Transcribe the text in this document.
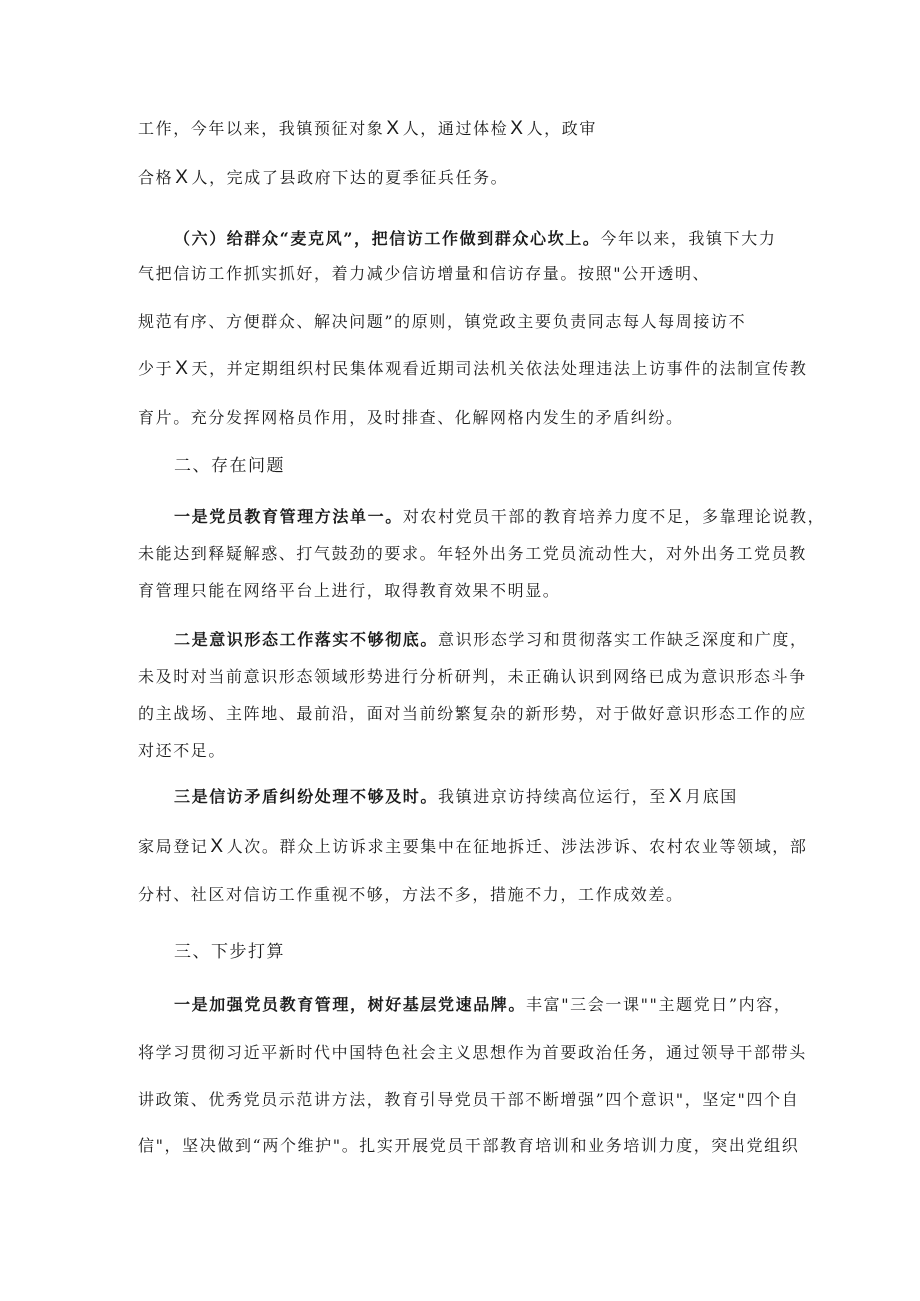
工作，今年以来，我镇预征对象 X 人，通过体检 X 人，政审
合格 X 人，完成了县政府下达的夏季征兵任务。
（六）给群众“麦克风”，把信访工作做到群众心坎上。今年以来，我镇下大力
气把信访工作抓实抓好，着力减少信访增量和信访存量。按照"公开透明、
规范有序、方便群众、解决问题”的原则，镇党政主要负责同志每人每周接访不
少于 X 天，并定期组织村民集体观看近期司法机关依法处理违法上访事件的法制宣传教
育片。充分发挥网格员作用，及时排查、化解网格内发生的矛盾纠纷。
二、存在问题
一是党员教育管理方法单一。对农村党员干部的教育培养力度不足，多靠理论说教，
未能达到释疑解惑、打气鼓劲的要求。年轻外出务工党员流动性大，对外出务工党员教
育管理只能在网络平台上进行，取得教育效果不明显。
二是意识形态工作落实不够彻底。意识形态学习和贯彻落实工作缺乏深度和广度，
未及时对当前意识形态领域形势进行分析研判，未正确认识到网络已成为意识形态斗争
的主战场、主阵地、最前沿，面对当前纷繁复杂的新形势，对于做好意识形态工作的应
对还不足。
三是信访矛盾纠纷处理不够及时。我镇进京访持续高位运行，至 X 月底国
家局登记 X 人次。群众上访诉求主要集中在征地拆迁、涉法涉诉、农村农业等领域，部
分村、社区对信访工作重视不够，方法不多，措施不力，工作成效差。
三、下步打算
一是加强党员教育管理，树好基层党速品牌。丰富"三会一课""主题党日”内容，
将学习贯彻习近平新时代中国特色社会主义思想作为首要政治任务，通过领导干部带头
讲政策、优秀党员示范讲方法，教育引导党员干部不断增强”四个意识"，坚定"四个自
信"，坚决做到“两个维护"。扎实开展党员干部教育培训和业务培训力度，突出党组织
